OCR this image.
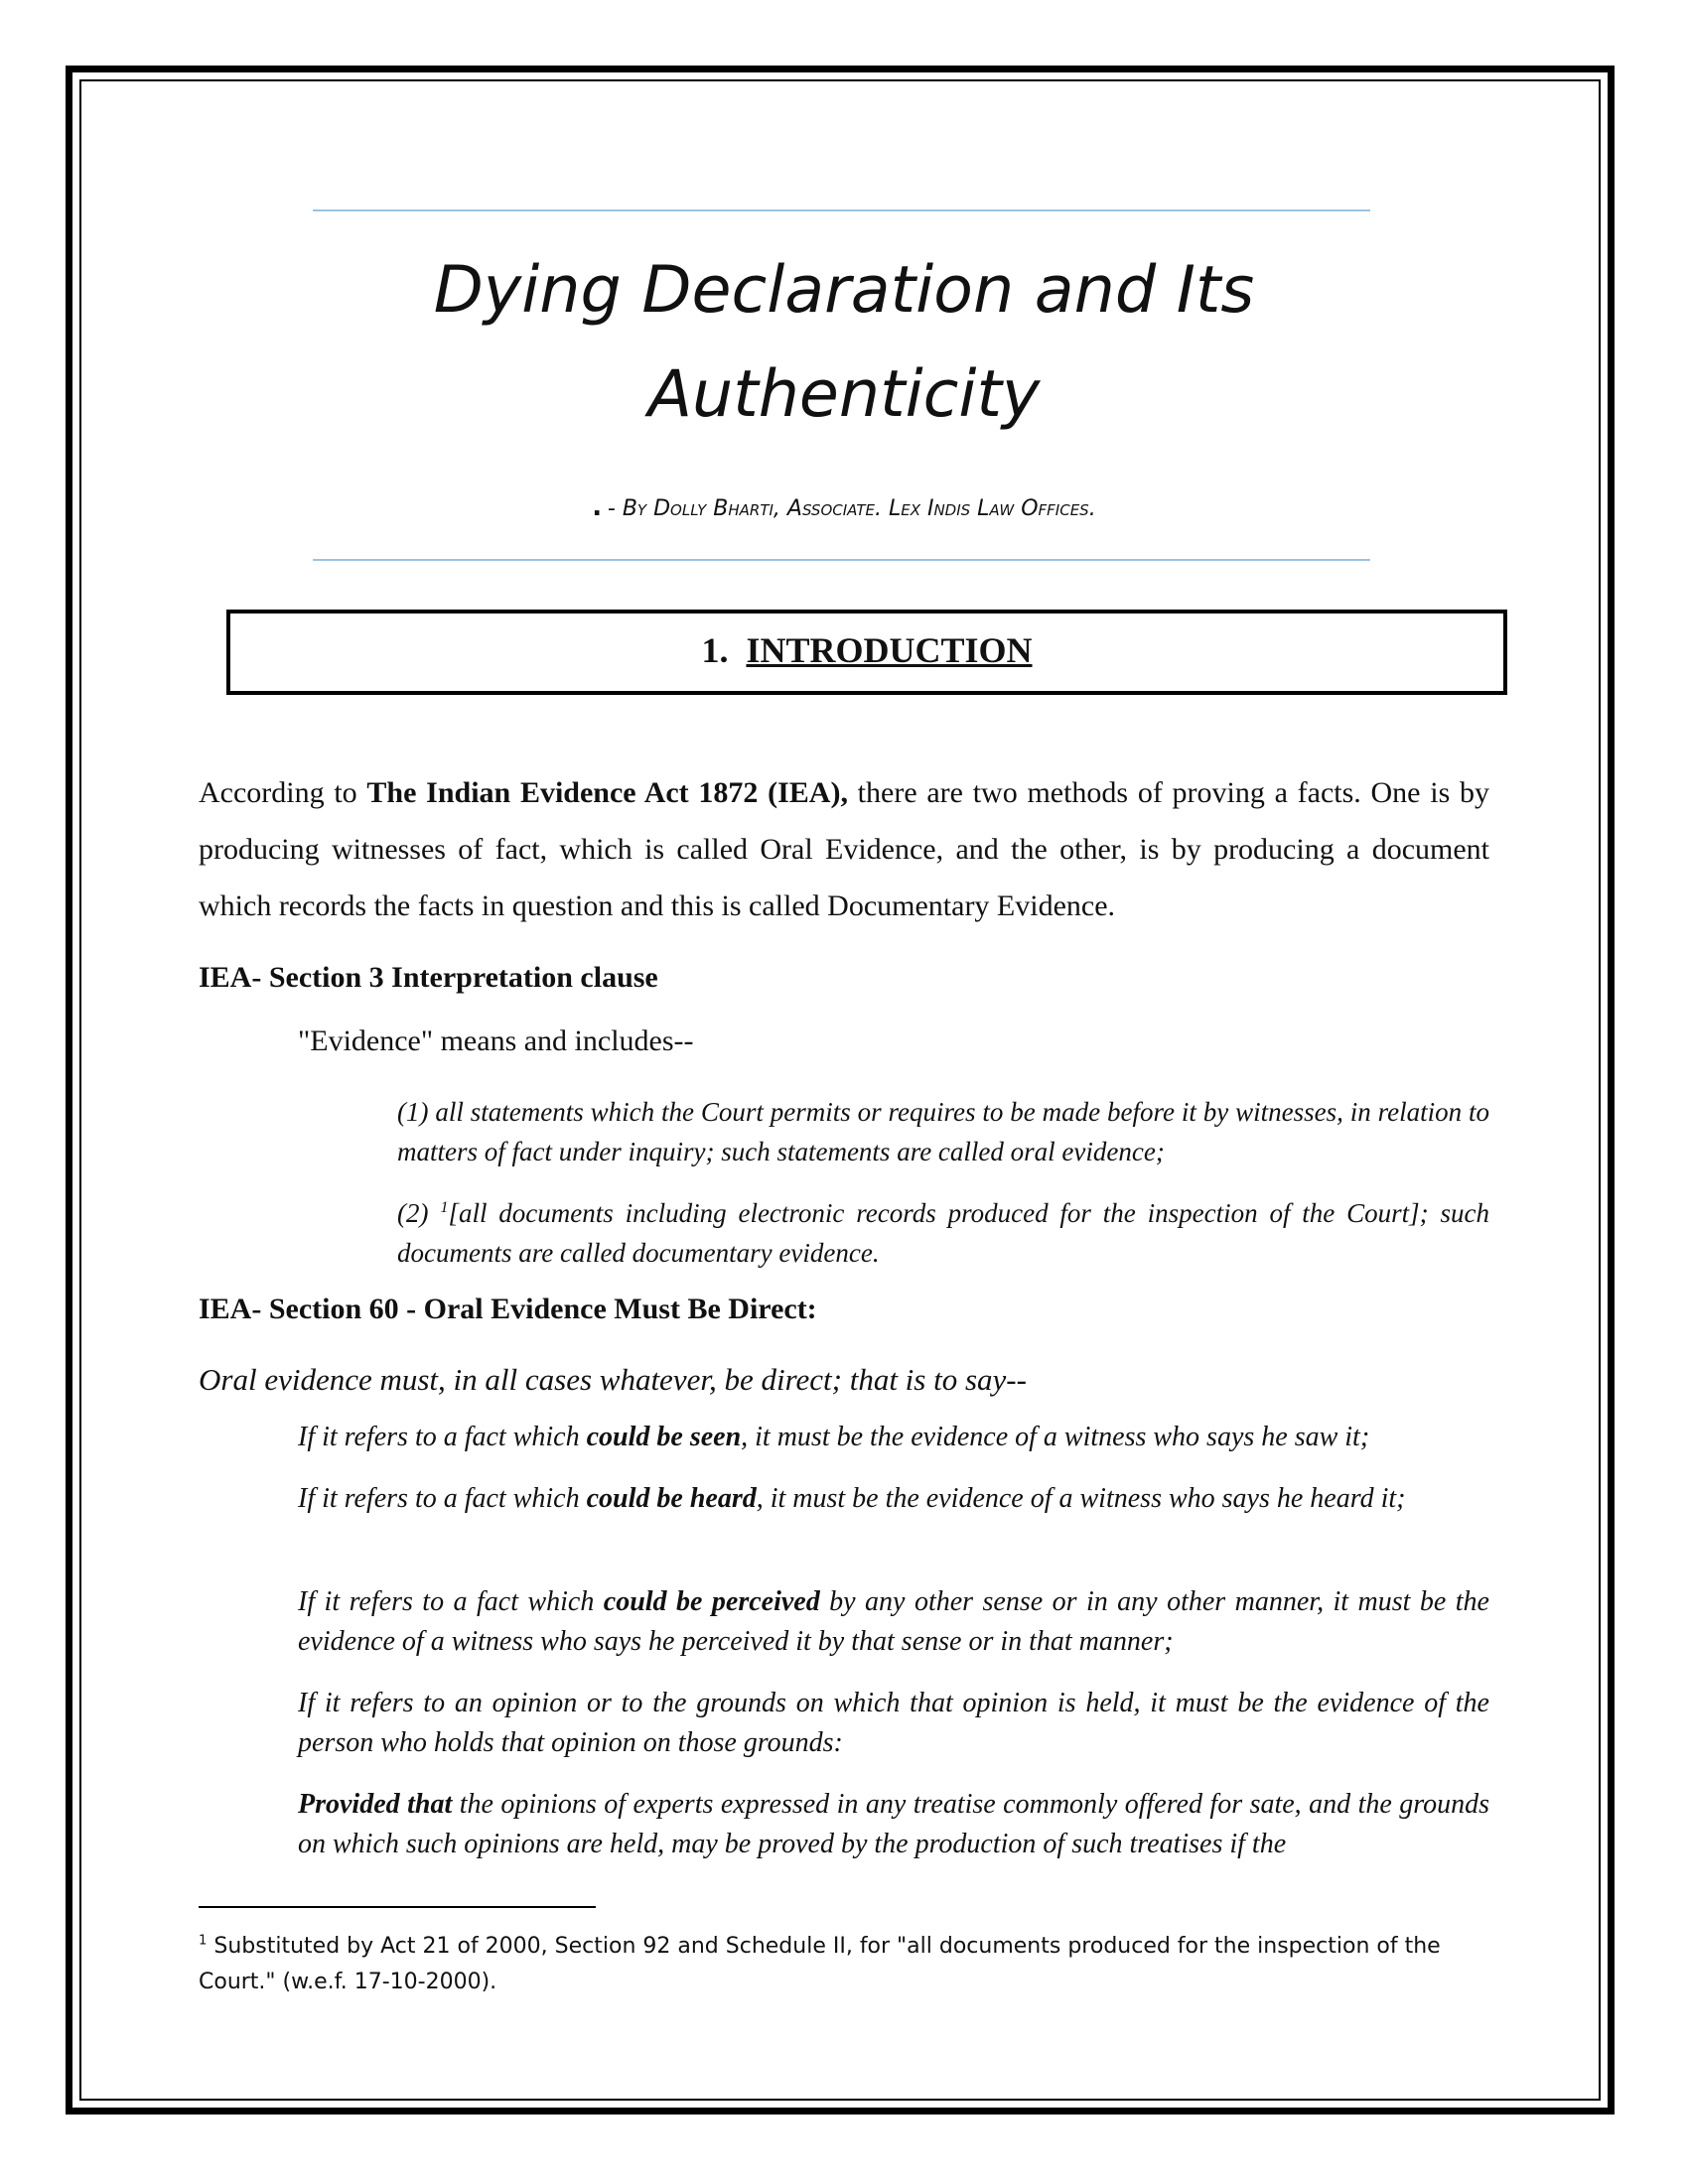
Dying Declaration and Its
Authenticity
. - By Dolly Bharti, Associate. Lex Indis Law Offices.
1. INTRODUCTION
According to The Indian Evidence Act 1872 (IEA), there are two methods of proving a facts. One is by producing witnesses of fact, which is called Oral Evidence, and the other, is by producing a document which records the facts in question and this is called Documentary Evidence.
IEA- Section 3 Interpretation clause
"Evidence" means and includes--
(1) all statements which the Court permits or requires to be made before it by witnesses, in relation to matters of fact under inquiry; such statements are called oral evidence;
(2) $^1$[all documents including electronic records produced for the inspection of the Court]; such documents are called documentary evidence.
IEA- Section 60 - Oral Evidence Must Be Direct:
Oral evidence must, in all cases whatever, be direct; that is to say--
If it refers to a fact which could be seen, it must be the evidence of a witness who says he saw it;
If it refers to a fact which could be heard, it must be the evidence of a witness who says he heard it;
If it refers to a fact which could be perceived by any other sense or in any other manner, it must be the evidence of a witness who says he perceived it by that sense or in that manner;
If it refers to an opinion or to the grounds on which that opinion is held, it must be the evidence of the person who holds that opinion on those grounds:
Provided that the opinions of experts expressed in any treatise commonly offered for sate, and the grounds on which such opinions are held, may be proved by the production of such treatises if the
$^1$ Substituted by Act 21 of 2000, Section 92 and Schedule II, for "all documents produced for the inspection of the Court." (w.e.f. 17-10-2000).
